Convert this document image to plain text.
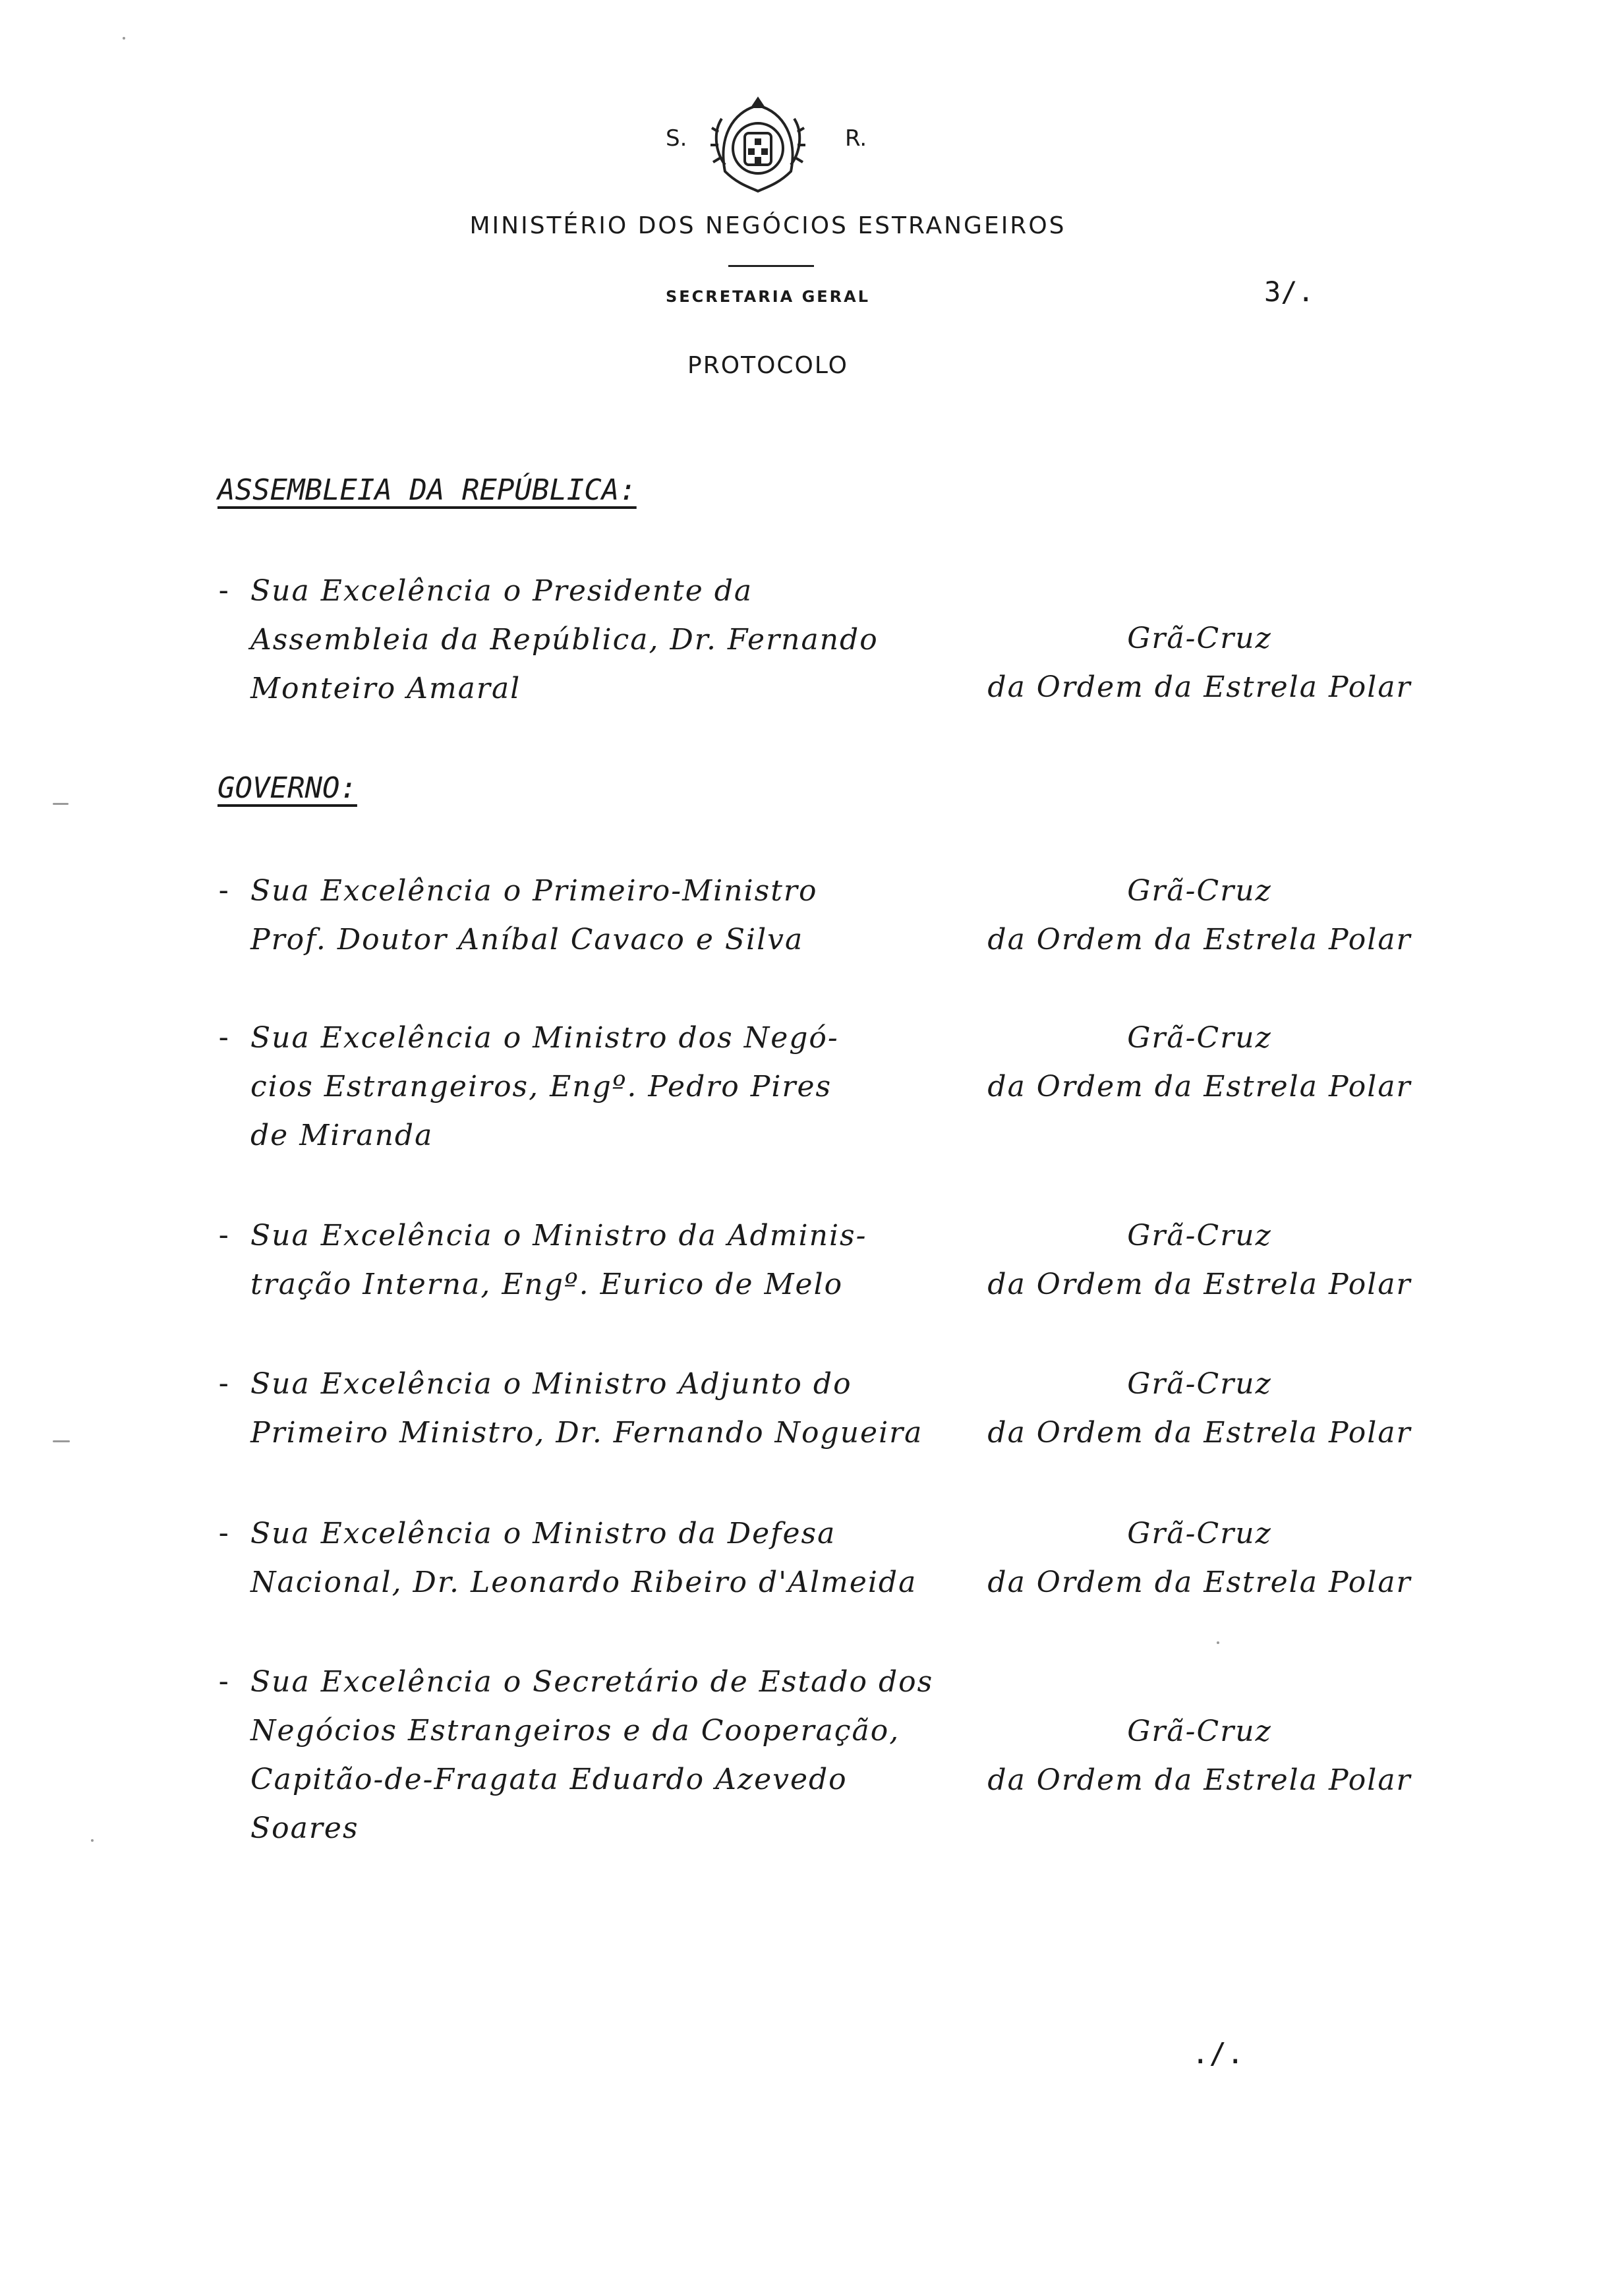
S.	R.
MINISTÉRIO DOS NEGÓCIOS ESTRANGEIROS
SECRETARIA GERAL	3/.
PROTOCOLO
ASSEMBLEIA DA REPÚBLICA:
- Sua Excelência o Presidente da
Assembleia da República, Dr. Fernando
Monteiro Amaral
Grã-Cruz
da Ordem da Estrela Polar
GOVERNO:
- Sua Excelência o Primeiro-Ministro
Prof. Doutor Aníbal Cavaco e Silva
Grã-Cruz
da Ordem da Estrela Polar
- Sua Excelência o Ministro dos Negó-
cios Estrangeiros, Engº. Pedro Pires
de Miranda
Grã-Cruz
da Ordem da Estrela Polar
- Sua Excelência o Ministro da Adminis-
tração Interna, Engº. Eurico de Melo
Grã-Cruz
da Ordem da Estrela Polar
- Sua Excelência o Ministro Adjunto do
Primeiro Ministro, Dr. Fernando Nogueira
Grã-Cruz
da Ordem da Estrela Polar
- Sua Excelência o Ministro da Defesa
Nacional, Dr. Leonardo Ribeiro d'Almeida
Grã-Cruz
da Ordem da Estrela Polar
- Sua Excelência o Secretário de Estado dos
Negócios Estrangeiros e da Cooperação,
Capitão-de-Fragata Eduardo Azevedo Soares
Grã-Cruz
da Ordem da Estrela Polar
./.
